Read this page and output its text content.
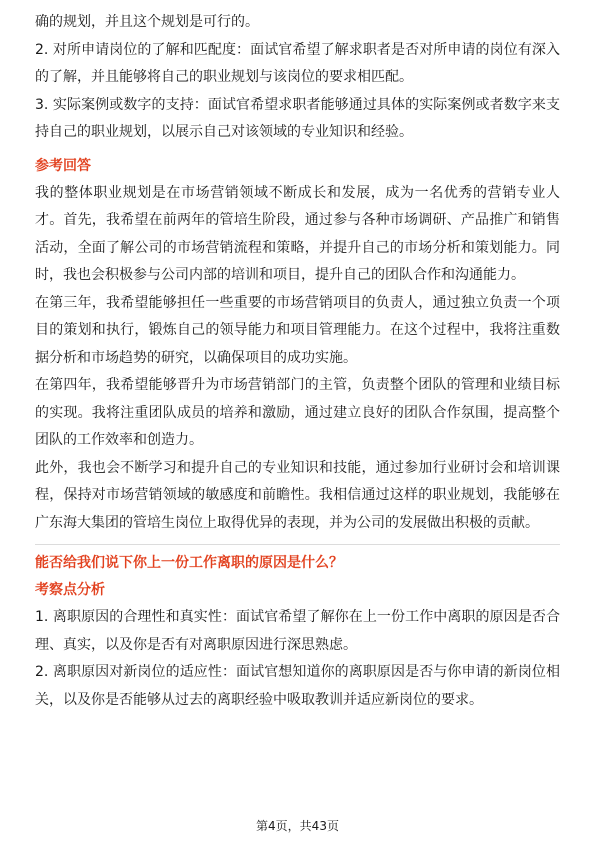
确的规划，并且这个规划是可行的。

2. 对所申请岗位的了解和匹配度：面试官希望了解求职者是否对所申请的岗位有深入的了解，并且能够将自己的职业规划与该岗位的要求相匹配。

3. 实际案例或数字的支持：面试官希望求职者能够通过具体的实际案例或者数字来支持自己的职业规划，以展示自己对该领域的专业知识和经验。

参考回答

我的整体职业规划是在市场营销领域不断成长和发展，成为一名优秀的营销专业人才。首先，我希望在前两年的管培生阶段，通过参与各种市场调研、产品推广和销售活动，全面了解公司的市场营销流程和策略，并提升自己的市场分析和策划能力。同时，我也会积极参与公司内部的培训和项目，提升自己的团队合作和沟通能力。

在第三年，我希望能够担任一些重要的市场营销项目的负责人，通过独立负责一个项目的策划和执行，锻炼自己的领导能力和项目管理能力。在这个过程中，我将注重数据分析和市场趋势的研究，以确保项目的成功实施。

在第四年，我希望能够晋升为市场营销部门的主管，负责整个团队的管理和业绩目标的实现。我将注重团队成员的培养和激励，通过建立良好的团队合作氛围，提高整个团队的工作效率和创造力。

此外，我也会不断学习和提升自己的专业知识和技能，通过参加行业研讨会和培训课程，保持对市场营销领域的敏感度和前瞻性。我相信通过这样的职业规划，我能够在广东海大集团的管培生岗位上取得优异的表现，并为公司的发展做出积极的贡献。

能否给我们说下你上一份工作离职的原因是什么？
考察点分析

1. 离职原因的合理性和真实性：面试官希望了解你在上一份工作中离职的原因是否合理、真实，以及你是否有对离职原因进行深思熟虑。

2. 离职原因对新岗位的适应性：面试官想知道你的离职原因是否与你申请的新岗位相关，以及你是否能够从过去的离职经验中吸取教训并适应新岗位的要求。

第4页，共43页
